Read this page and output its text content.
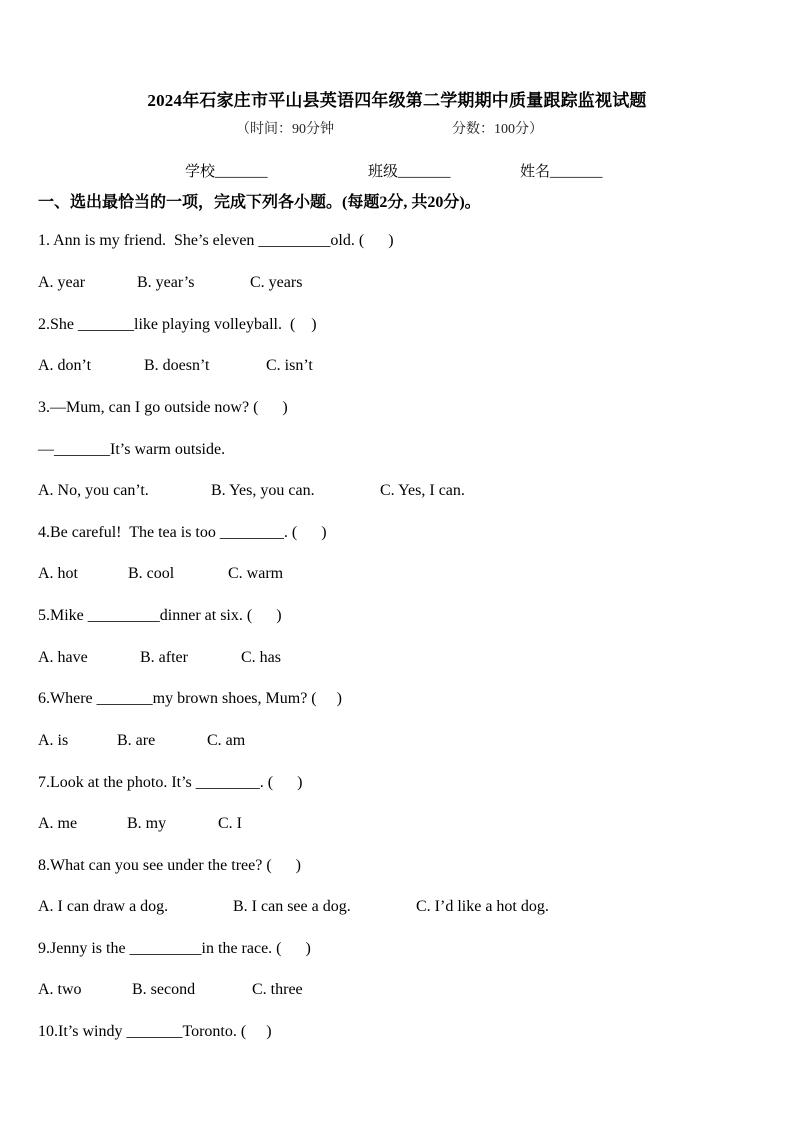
2024年石家庄市平山县英语四年级第二学期期中质量跟踪监视试题
（时间：90分钟	分数：100分）
学校_______	班级_______	姓名_______
一、选出最恰当的一项，完成下列各小题。(每题2分, 共20分)。
1. Ann is my friend.  She’s eleven _________old. (      )
A. year	B. year’s	C. years
2.She _______like playing volleyball.  (    )
A. don’t	B. doesn’t	C. isn’t
3.—Mum, can I go outside now? (      )
—_______It’s warm outside.
A. No, you can’t.	B. Yes, you can.	C. Yes, I can.
4.Be careful!  The tea is too ________. (      )
A. hot	B. cool	C. warm
5.Mike _________dinner at six. (      )
A. have	B. after	C. has
6.Where _______my brown shoes, Mum? (     )
A. is	B. are	C. am
7.Look at the photo. It’s ________. (      )
A. me	B. my	C. I
8.What can you see under the tree? (      )
A. I can draw a dog.	B. I can see a dog.	C. I’d like a hot dog.
9.Jenny is the _________in the race. (      )
A. two	B. second	C. three
10.It’s windy _______Toronto. (     )
